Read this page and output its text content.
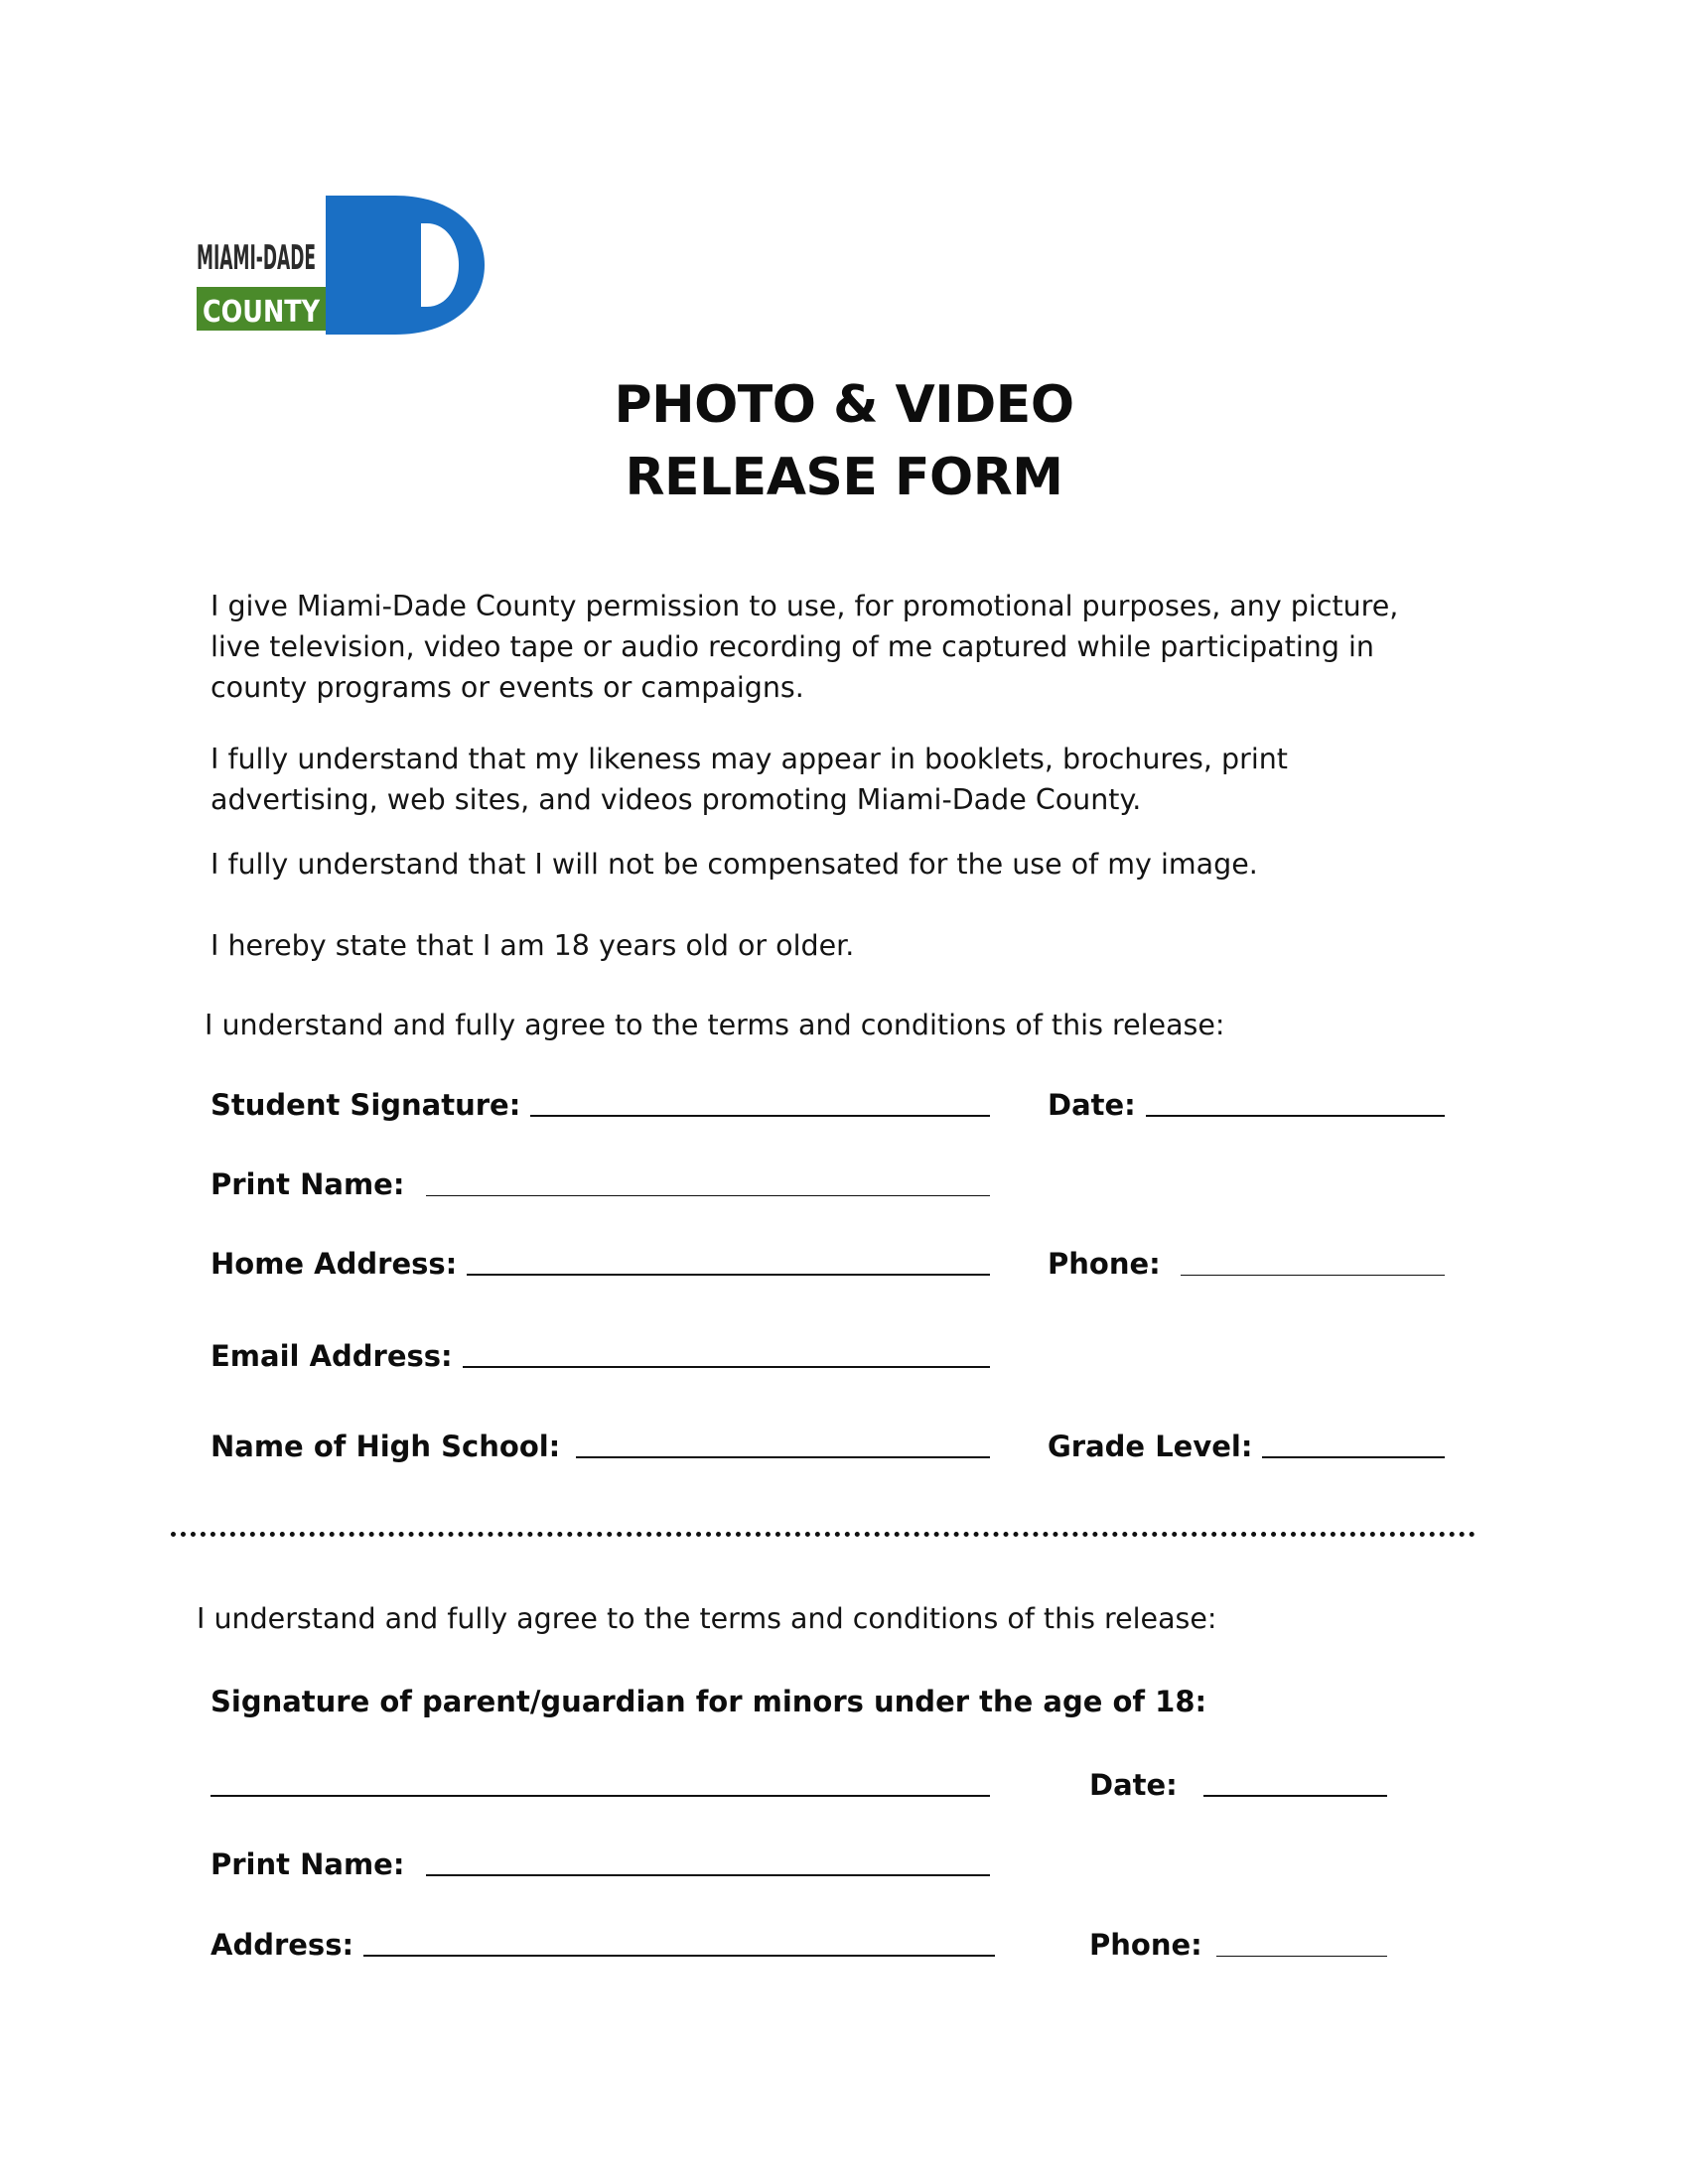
MIAMI-DADE
COUNTY
PHOTO & VIDEO
RELEASE FORM
I give Miami-Dade County permission to use, for promotional purposes, any picture, live television, video tape or audio recording of me captured while participating in county programs or events or campaigns.
I fully understand that my likeness may appear in booklets, brochures, print advertising, web sites, and videos promoting Miami-Dade County.
I fully understand that I will not be compensated for the use of my image.
I hereby state that I am 18 years old or older.
I understand and fully agree to the terms and conditions of this release:
Student Signature:	Date:
Print Name:
Home Address:	Phone:
Email Address:
Name of High School:	Grade Level:
I understand and fully agree to the terms and conditions of this release:
Signature of parent/guardian for minors under the age of 18:
Date:
Print Name:
Address:	Phone:
